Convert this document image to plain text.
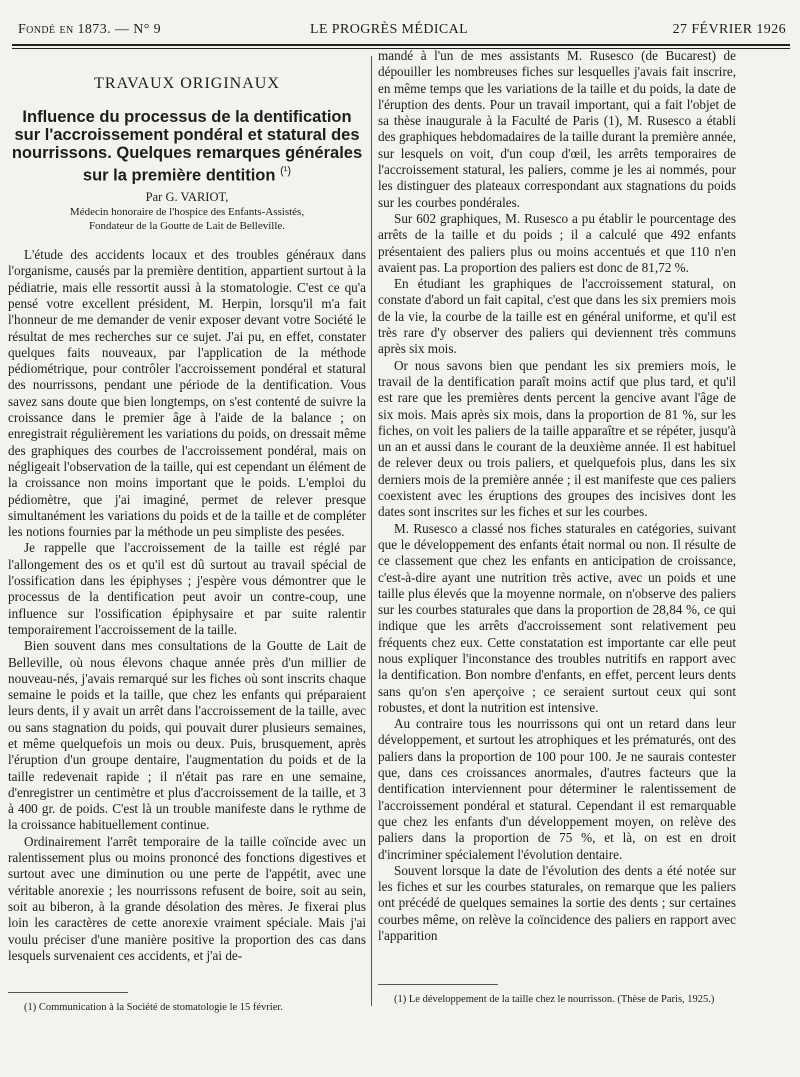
Fondé en 1873. — N° 9	LE PROGRÈS MÉDICAL	27 FÉVRIER 1926
TRAVAUX ORIGINAUX
Influence du processus de la dentification sur l'accroissement pondéral et statural des nourrissons. Quelques remarques générales sur la première dentition $^{(^1)}$
Par G. VARIOT,
Médecin honoraire de l'hospice des Enfants-Assistés,
Fondateur de la Goutte de Lait de Belleville.

L'étude des accidents locaux et des troubles généraux dans l'organisme, causés par la première dentition, appartient surtout à la pédiatrie, mais elle ressortit aussi à la stomatologie. C'est ce qu'a pensé votre excellent président, M. Herpin, lorsqu'il m'a fait l'honneur de me demander de venir exposer devant votre Société le résultat de mes recherches sur ce sujet. J'ai pu, en effet, constater quelques faits nouveaux, par l'application de la méthode pédiométrique, pour contrôler l'accroissement pondéral et statural des nourrissons, pendant une période de la dentification. Vous savez sans doute que bien longtemps, on s'est contenté de suivre la croissance dans le premier âge à l'aide de la balance ; on enregistrait régulièrement les variations du poids, on dressait même des graphiques des courbes de l'accroissement pondéral, mais on négligeait l'observation de la taille, qui est cependant un élément de la croissance non moins important que le poids. L'emploi du pédiomètre, que j'ai imaginé, permet de relever presque simultanément les variations du poids et de la taille et de compléter les notions fournies par la méthode un peu simpliste des pesées.

Je rappelle que l'accroissement de la taille est réglé par l'allongement des os et qu'il est dû surtout au travail spécial de l'ossification dans les épiphyses ; j'espère vous démontrer que le processus de la dentification peut avoir un contre-coup, une influence sur l'ossification épiphysaire et par suite ralentir temporairement l'accroissement de la taille.

Bien souvent dans mes consultations de la Goutte de Lait de Belleville, où nous élevons chaque année près d'un millier de nouveau-nés, j'avais remarqué sur les fiches où sont inscrits chaque semaine le poids et la taille, que chez les enfants qui préparaient leurs dents, il y avait un arrêt dans l'accroissement de la taille, avec ou sans stagnation du poids, qui pouvait durer plusieurs semaines, et même quelquefois un mois ou deux. Puis, brusquement, après l'éruption d'un groupe dentaire, l'augmentation du poids et de la taille redevenait rapide ; il n'était pas rare en une semaine, d'enregistrer un centimètre et plus d'accroissement de la taille, et 3 à 400 gr. de poids. C'est là un trouble manifeste dans le rythme de la croissance habituellement continue.

Ordinairement l'arrêt temporaire de la taille coïncide avec un ralentissement plus ou moins prononcé des fonctions digestives et surtout avec une diminution ou une perte de l'appétit, avec une véritable anorexie ; les nourrissons refusent de boire, soit au sein, soit au biberon, à la grande désolation des mères. Je fixerai plus loin les caractères de cette anorexie vraiment spéciale. Mais j'ai voulu préciser d'une manière positive la proportion des cas dans lesquels survenaient ces accidents, et j'ai de-

(1) Communication à la Société de stomatologie le 15 février.

mandé à l'un de mes assistants M. Rusesco (de Bucarest) de dépouiller les nombreuses fiches sur lesquelles j'avais fait inscrire, en même temps que les variations de la taille et du poids, la date de l'éruption des dents. Pour un travail important, qui a fait l'objet de sa thèse inaugurale à la Faculté de Paris (1), M. Rusesco a établi des graphiques hebdomadaires de la taille durant la première année, sur lesquels on voit, d'un coup d'œil, les arrêts temporaires de l'accroissement statural, les paliers, comme je les ai nommés, pour les distinguer des plateaux correspondant aux stagnations du poids sur les courbes pondérales.

Sur 602 graphiques, M. Rusesco a pu établir le pourcentage des arrêts de la taille et du poids ; il a calculé que 492 enfants présentaient des paliers plus ou moins accentués et que 110 n'en avaient pas. La proportion des paliers est donc de 81,72 %.

En étudiant les graphiques de l'accroissement statural, on constate d'abord un fait capital, c'est que dans les six premiers mois de la vie, la courbe de la taille est en général uniforme, et qu'il est très rare d'y observer des paliers qui deviennent très communs après six mois.

Or nous savons bien que pendant les six premiers mois, le travail de la dentification paraît moins actif que plus tard, et qu'il est rare que les premières dents percent la gencive avant l'âge de six mois. Mais après six mois, dans la proportion de 81 %, sur les fiches, on voit les paliers de la taille apparaître et se répéter, jusqu'à un an et aussi dans le courant de la deuxième année. Il est habituel de relever deux ou trois paliers, et quelquefois plus, dans les six derniers mois de la première année ; il est manifeste que ces paliers coexistent avec les éruptions des groupes des incisives dont les dates sont inscrites sur les fiches et sur les courbes.

M. Rusesco a classé nos fiches staturales en catégories, suivant que le développement des enfants était normal ou non. Il résulte de ce classement que chez les enfants en anticipation de croissance, c'est-à-dire ayant une nutrition très active, avec un poids et une taille plus élevés que la moyenne normale, on n'observe des paliers sur les courbes staturales que dans la proportion de 28,84 %, ce qui indique que les arrêts d'accroissement sont relativement peu fréquents chez eux. Cette constatation est importante car elle peut nous expliquer l'inconstance des troubles nutritifs en rapport avec la dentification. Bon nombre d'enfants, en effet, percent leurs dents sans qu'on s'en aperçoive ; ce seraient surtout ceux qui sont robustes, et dont la nutrition est intensive.

Au contraire tous les nourrissons qui ont un retard dans leur développement, et surtout les atrophiques et les prématurés, ont des paliers dans la proportion de 100 pour 100. Je ne saurais contester que, dans ces croissances anormales, d'autres facteurs que la dentification interviennent pour déterminer le ralentissement de l'accroissement pondéral et statural. Cependant il est remarquable que chez les enfants d'un développement moyen, on relève des paliers dans la proportion de 75 %, et là, on est en droit d'incriminer spécialement l'évolution dentaire.

Souvent lorsque la date de l'évolution des dents a été notée sur les fiches et sur les courbes staturales, on remarque que les paliers ont précédé de quelques semaines la sortie des dents ; sur certaines courbes même, on relève la coïncidence des paliers en rapport avec l'apparition

(1) Le développement de la taille chez le nourrisson. (Thèse de Paris, 1925.)
